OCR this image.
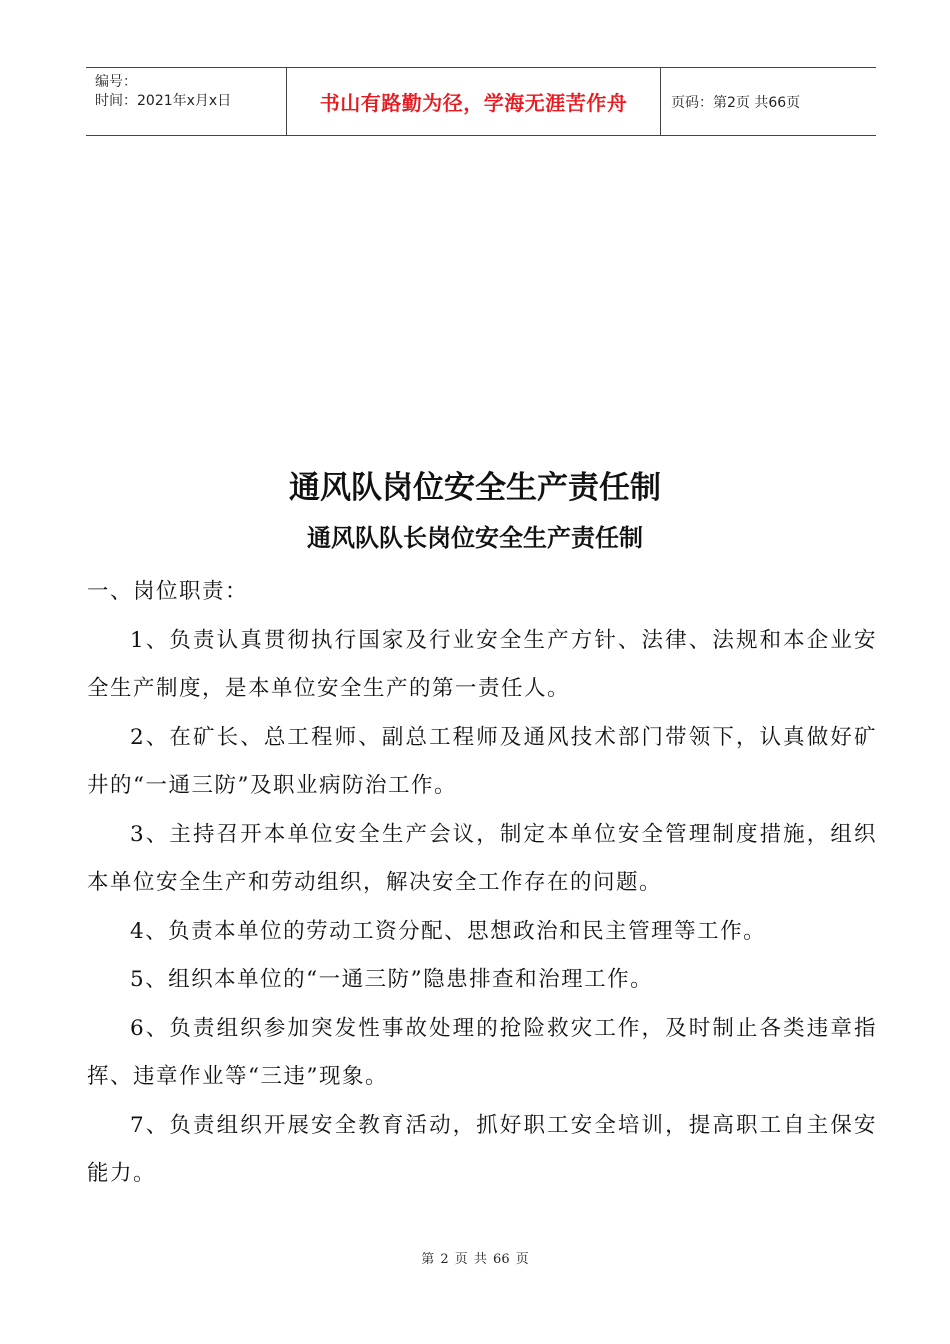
编号：
时间：2021年x月x日	书山有路勤为径，学海无涯苦作舟	页码：第2页 共66页
通风队岗位安全生产责任制
通风队队长岗位安全生产责任制

一、岗位职责：

1、负责认真贯彻执行国家及行业安全生产方针、法律、法规和本企业安全生产制度，是本单位安全生产的第一责任人。

2、在矿长、总工程师、副总工程师及通风技术部门带领下，认真做好矿井的“一通三防”及职业病防治工作。

3、主持召开本单位安全生产会议，制定本单位安全管理制度措施，组织本单位安全生产和劳动组织，解决安全工作存在的问题。

4、负责本单位的劳动工资分配、思想政治和民主管理等工作。

5、组织本单位的“一通三防”隐患排查和治理工作。

6、负责组织参加突发性事故处理的抢险救灾工作，及时制止各类违章指挥、违章作业等“三违”现象。

7、负责组织开展安全教育活动，抓好职工安全培训，提高职工自主保安能力。

第 2 页 共 66 页
